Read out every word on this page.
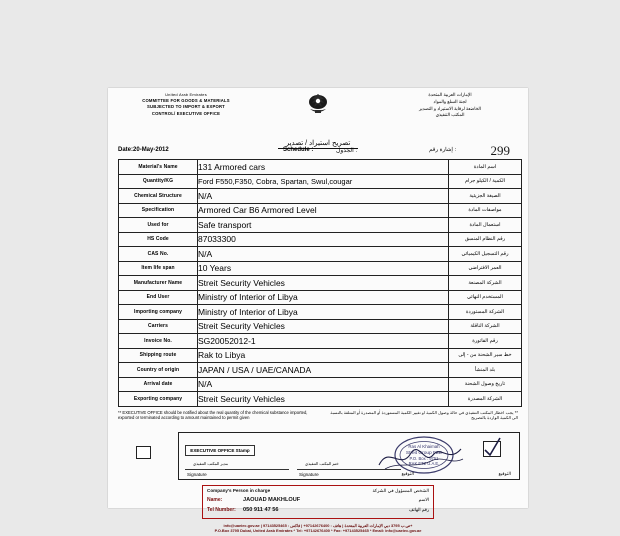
United Arab Emirates
COMMITTEE FOR GOODS & MATERIALS
SUBJECTED TO IMPORT & EXPORT
CONTROL/ EXECUTIVE OFFICE
الإمارات العربية المتحدة
لجنة السلع والمواد
الخاضعة لرقابة الاستيراد و التصدير
المكتب التنفيذي
تصريح استيراد / تصدير
Date:20-May-2012	Schedule :	الجدول :	إشارة رقم :	299
Material's Name	131 Armored cars	اسم المادة
Quantity/KG	Ford F550,F350, Cobra, Spartan, Swul,cougar	الكمية / الكيلو جرام
Chemical Structure	N/A	الصيغة الجزيئية
Specification	Armored Car B6 Armored Level	مواصفات المادة
Used for	Safe transport	استعمال المادة
HS Code	87033300	رقم النظام المنسق
CAS No.	N/A	رقم التسجيل الكيميائي
Item life span	10 Years	العمر الافتراضي
Manufacturer Name	Streit Security Vehicles	الشركة المصنعة
End User	Ministry of Interior of Libya	المستخدم النهائي
Importing company	Ministry of Interior of Libya	الشركة المستوردة
Carriers	Streit Security Vehicles	الشركة الناقلة
Invoice No.	SG20052012-1	رقم الفاتورة
Shipping route	Rak to Libya	خط سير الشحنة من - إلى
Country of origin	JAPAN / USA / UAE/CANADA	بلد المنشأ
Arrival date	N/A	تاريخ وصول الشحنة
Exporting company	Streit Security Vehicles	الشركة المصدرة
** EXECUTIVE OFFICE should be notified about the real quantity of the chemical substance imported, exported or terminated according to amount maintained to permit given
** يجب اخطار المكتب التنفيذي في حالة وصول الكمية او تغيير الكمية المستوردة أو المصدرة أو المتلفة بالنسبة الى الكمية الواردة بالتصريح
EXECUTIVE OFFICE Stamp
مدير المكتب التنفيذي	ختم المكتب التنفيذي
Ras Al Khaimah
Streit Group FZE
P.O. Box : 9751
RAK FTZ U.A.E.
Signature	Signature	التوقيع
التوقيع
Company's Person in charge	الشخص المسؤول في الشركة
Name:	JAOUAD MAKHLOUF	الاسم
Tel Number: 050 911 47 56	رقم الهاتف
info@uaeiec.gov.ae | ص.ب 3795 دبي الإمارات العربية المتحدة | هاتف : 97142676400+ | فاكس : 97143525465+
P.O.Box 3795 Dubai, United Arab Emirates * Tel: +97142676400 * Fax: +97143525465 * Email: info@uaeiec.gov.ae
